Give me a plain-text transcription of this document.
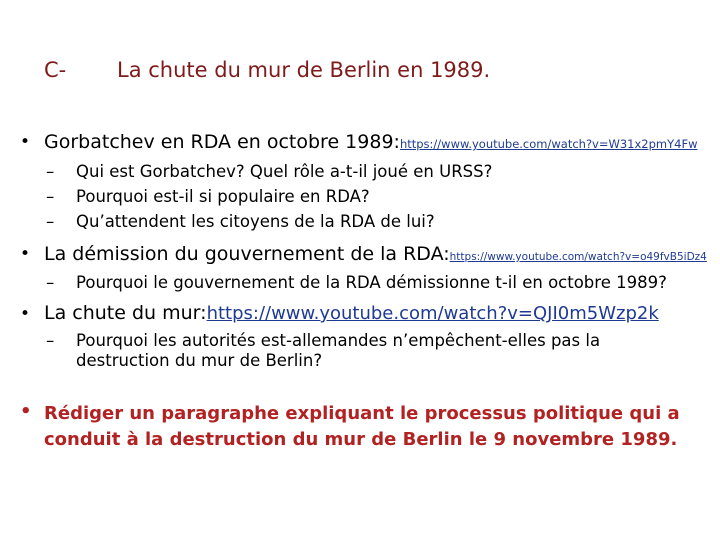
C- La chute du mur de Berlin en 1989.
• Gorbatchev en RDA en octobre 1989: https://www.youtube.com/watch?v=W31x2pmY4Fw
–	Qui est Gorbatchev? Quel rôle a-t-il joué en URSS?
–	Pourquoi est-il si populaire en RDA?
–	Qu’attendent les citoyens de la RDA de lui?
• La démission du gouvernement de la RDA: https://www.youtube.com/watch?v=o49fvB5iDz4
–	Pourquoi le gouvernement de la RDA démissionne t-il en octobre 1989?
• La chute du mur: https://www.youtube.com/watch?v=QJI0m5Wzp2k
–	Pourquoi les autorités est-allemandes n’empêchent-elles pas la destruction du mur de Berlin?
• Rédiger un paragraphe expliquant le processus politique qui a conduit à la destruction du mur de Berlin le 9 novembre 1989.
